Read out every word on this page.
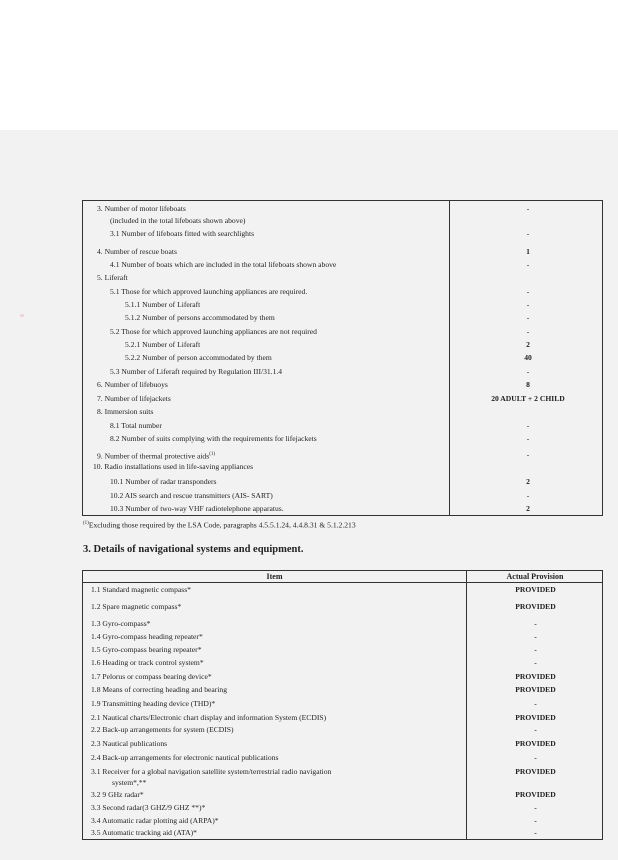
3. Number of motor lifeboats	-
(included in the total lifeboats shown above)
3.1 Number of lifeboats fitted with searchlights	-
4. Number of rescue boats	1
4.1 Number of boats which are included in the total lifeboats shown above	-
5. Liferaft
5.1 Those for which approved launching appliances are required.	-
5.1.1 Number of Liferaft	-
5.1.2 Number of persons accommodated by them	-
5.2 Those for which approved launching appliances are not required	-
5.2.1 Number of Liferaft	2
5.2.2 Number of person accommodated by them	40
5.3 Number of Liferaft required by Regulation III/31.1.4	-
6. Number of lifebuoys	8
7. Number of lifejackets	20 ADULT + 2 CHILD
8. Immersion suits
8.1 Total number	-
8.2 Number of suits complying with the requirements for lifejackets	-
9. Number of thermal protective aids$^{(1)}$	-
10. Radio installations used in life-saving appliances
10.1 Number of radar transponders	2
10.2 AIS search and rescue transmitters (AIS- SART)	-
10.3 Number of two-way VHF radiotelephone apparatus.	2
$^{(1)}$Excluding those required by the LSA Code, paragraphs 4.5.5.1.24, 4.4.8.31 & 5.1.2.213
3. Details of navigational systems and equipment.
Item	Actual Provision
1.1 Standard magnetic compass*	PROVIDED
1.2 Spare magnetic compass*	PROVIDED
1.3 Gyro-compass*	-
1.4 Gyro-compass heading repeater*	-
1.5 Gyro-compass bearing repeater*	-
1.6 Heading or track control system*	-
1.7 Pelorus or compass bearing device*	PROVIDED
1.8 Means of correcting heading and bearing	PROVIDED
1.9 Transmitting heading device (THD)*	-
2.1 Nautical charts/Electronic chart display and information System (ECDIS)	PROVIDED
2.2 Back-up arrangements for system (ECDIS)	-
2.3 Nautical publications	PROVIDED
2.4 Back-up arrangements for electronic nautical publications	-
3.1 Receiver for a global navigation satellite system/terrestrial radio navigation	PROVIDED
system*,**
3.2 9 GHz radar*	PROVIDED
3.3 Second radar(3 GHZ/9 GHZ **)*	-
3.4 Automatic radar plotting aid (ARPA)*	-
3.5 Automatic tracking aid (ATA)*	-
